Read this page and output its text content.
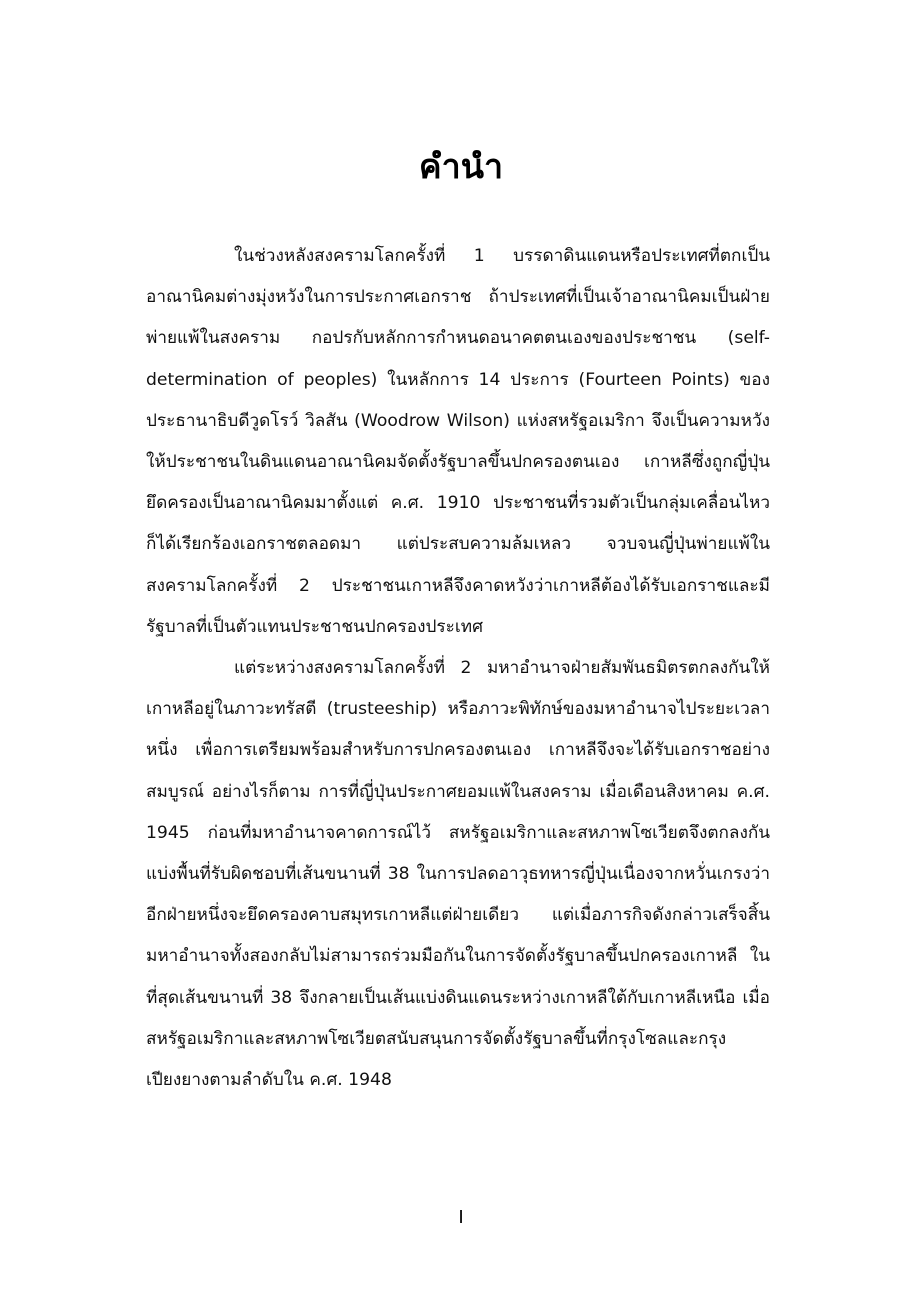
คำนำ

ในช่วงหลังสงครามโลกครั้งที่ 1 บรรดาดินแดนหรือประเทศที่ตกเป็นอาณานิคมต่างมุ่งหวังในการประกาศเอกราช ถ้าประเทศที่เป็นเจ้าอาณานิคมเป็นฝ่ายพ่ายแพ้ในสงคราม กอปรกับหลักการกำหนดอนาคตตนเองของประชาชน (self-determination of peoples) ในหลักการ 14 ประการ (Fourteen Points) ของประธานาธิบดีวูดโรว์ วิลสัน (Woodrow Wilson) แห่งสหรัฐอเมริกา จึงเป็นความหวังให้ประชาชนในดินแดนอาณานิคมจัดตั้งรัฐบาลขึ้นปกครองตนเอง เกาหลีซึ่งถูกญี่ปุ่นยึดครองเป็นอาณานิคมมาตั้งแต่ ค.ศ. 1910 ประชาชนที่รวมตัวเป็นกลุ่มเคลื่อนไหวก็ได้เรียกร้องเอกราชตลอดมา แต่ประสบความล้มเหลว จวบจนญี่ปุ่นพ่ายแพ้ในสงครามโลกครั้งที่ 2 ประชาชนเกาหลีจึงคาดหวังว่าเกาหลีต้องได้รับเอกราชและมีรัฐบาลที่เป็นตัวแทนประชาชนปกครองประเทศ

แต่ระหว่างสงครามโลกครั้งที่ 2 มหาอำนาจฝ่ายสัมพันธมิตรตกลงกันให้เกาหลีอยู่ในภาวะทรัสตี (trusteeship) หรือภาวะพิทักษ์ของมหาอำนาจไประยะเวลาหนึ่ง เพื่อการเตรียมพร้อมสำหรับการปกครองตนเอง เกาหลีจึงจะได้รับเอกราชอย่างสมบูรณ์ อย่างไรก็ตาม การที่ญี่ปุ่นประกาศยอมแพ้ในสงคราม เมื่อเดือนสิงหาคม ค.ศ. 1945 ก่อนที่มหาอำนาจคาดการณ์ไว้ สหรัฐอเมริกาและสหภาพโซเวียตจึงตกลงกันแบ่งพื้นที่รับผิดชอบที่เส้นขนานที่ 38 ในการปลดอาวุธทหารญี่ปุ่นเนื่องจากหวั่นเกรงว่าอีกฝ่ายหนึ่งจะยึดครองคาบสมุทรเกาหลีแต่ฝ่ายเดียว แต่เมื่อภารกิจดังกล่าวเสร็จสิ้น มหาอำนาจทั้งสองกลับไม่สามารถร่วมมือกันในการจัดตั้งรัฐบาลขึ้นปกครองเกาหลี ในที่สุดเส้นขนานที่ 38 จึงกลายเป็นเส้นแบ่งดินแดนระหว่างเกาหลีใต้กับเกาหลีเหนือ เมื่อสหรัฐอเมริกาและสหภาพโซเวียตสนับสนุนการจัดตั้งรัฐบาลขึ้นที่กรุงโซลและกรุงเปียงยางตามลำดับใน ค.ศ. 1948

I
